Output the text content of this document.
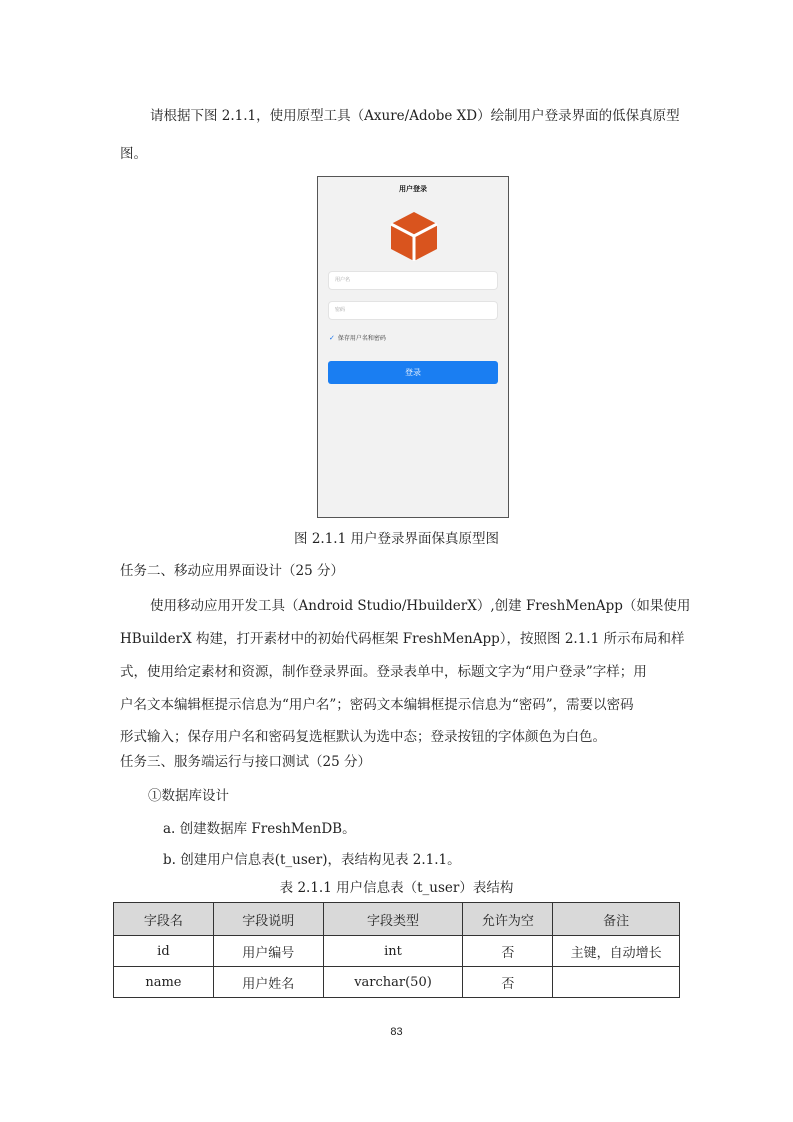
请根据下图 2.1.1，使用原型工具（Axure/Adobe XD）绘制用户登录界面的低保真原型
图。
用户登录
用户名
密码
✓ 保存用户名和密码
登录
图 2.1.1 用户登录界面保真原型图
任务二、移动应用界面设计（25 分）
使用移动应用开发工具（Android Studio/HbuilderX）,创建 FreshMenApp（如果使用
HBuilderX 构建，打开素材中的初始代码框架 FreshMenApp），按照图 2.1.1 所示布局和样
式，使用给定素材和资源，制作登录界面。登录表单中，标题文字为“用户登录”字样；用
户名文本编辑框提示信息为“用户名”；密码文本编辑框提示信息为“密码”，需要以密码
形式输入；保存用户名和密码复选框默认为选中态；登录按钮的字体颜色为白色。
任务三、服务端运行与接口测试（25 分）
①数据库设计
a. 创建数据库 FreshMenDB。
b. 创建用户信息表(t_user)，表结构见表 2.1.1。
表 2.1.1 用户信息表（t_user）表结构
字段名	字段说明	字段类型	允许为空	备注
id	用户编号	int	否	主键，自动增长
name	用户姓名	varchar(50)	否	
83
